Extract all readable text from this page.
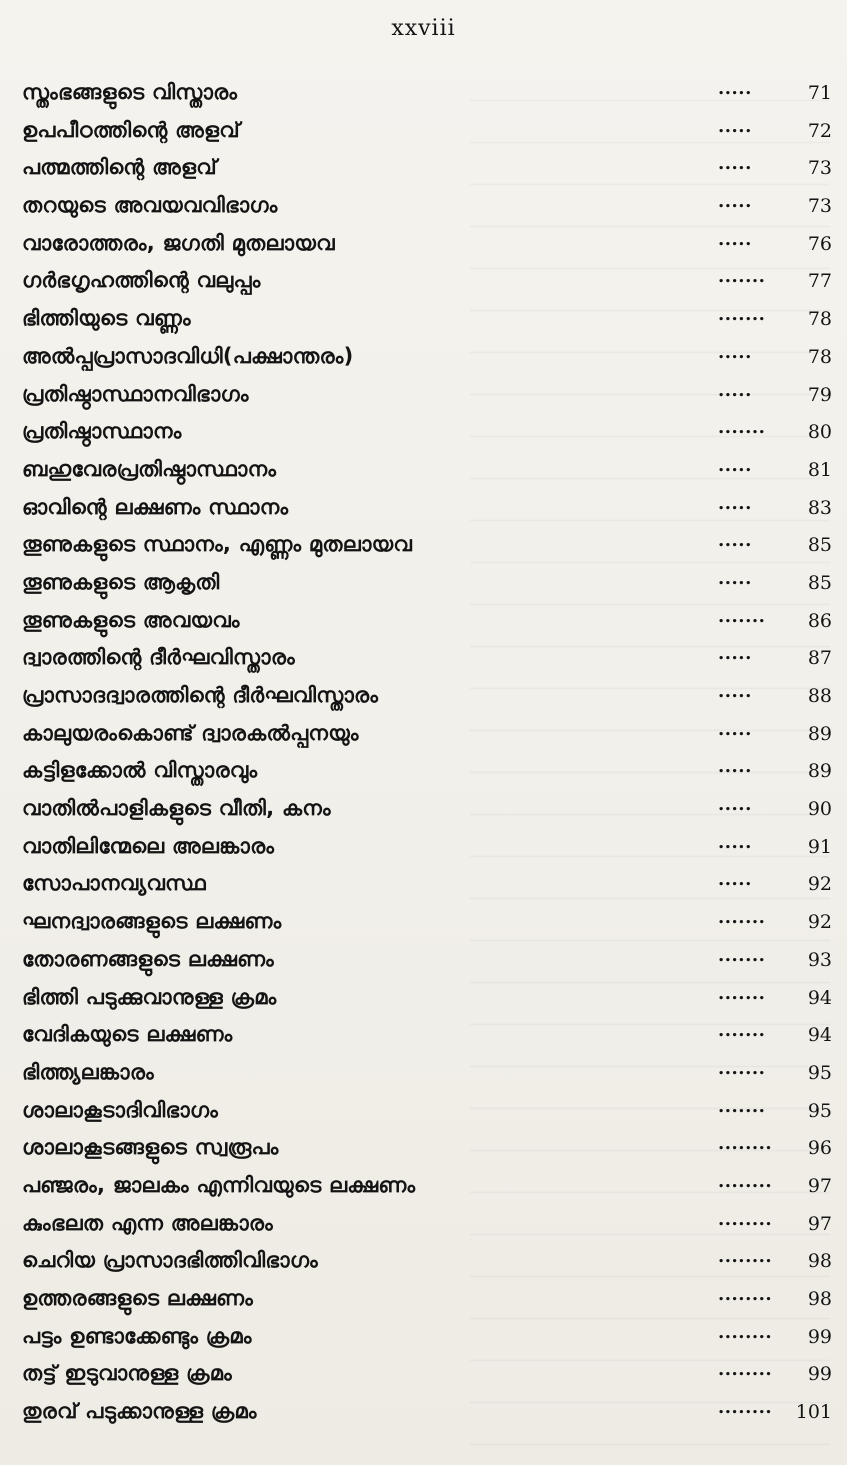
xxviii
സ്തംഭങ്ങളുടെ വിസ്താരം	.....	71
ഉപപീഠത്തിന്റെ അളവ്	.....	72
പത്മത്തിന്റെ അളവ്	.....	73
തറയുടെ അവയവവിഭാഗം	.....	73
വാരോത്തരം, ജഗതി മുതലായവ	.....	76
ഗർഭഗൃഹത്തിന്റെ വലുപ്പം	....... 77
ഭിത്തിയുടെ വണ്ണം	....... 78
അൽപ്പപ്രാസാദവിധി(പക്ഷാന്തരം)	.....	78
പ്രതിഷ്ഠാസ്ഥാനവിഭാഗം	.....	79
പ്രതിഷ്ഠാസ്ഥാനം	....... 80
ബഹുവേരപ്രതിഷ്ഠാസ്ഥാനം	.....	81
ഓവിന്റെ ലക്ഷണം സ്ഥാനം	.....	83
തൂണുകളുടെ സ്ഥാനം, എണ്ണം മുതലായവ	.....	85
തൂണുകളുടെ ആകൃതി	.....	85
തൂണുകളുടെ അവയവം	....... 86
ദ്വാരത്തിന്റെ ദീർഘവിസ്താരം	.....	87
പ്രാസാദദ്വാരത്തിന്റെ ദീർഘവിസ്താരം	.....	88
കാലുയരംകൊണ്ട് ദ്വാരകൽപ്പനയും	.....	89
കട്ടിളക്കോൽ വിസ്താരവും	.....	89
വാതിൽപാളികളുടെ വീതി, കനം	.....	90
വാതിലിന്മേലെ അലങ്കാരം	.....	91
സോപാനവ്യവസ്ഥ	.....	92
ഘനദ്വാരങ്ങളുടെ ലക്ഷണം	....... 92
തോരണങ്ങളുടെ ലക്ഷണം	....... 93
ഭിത്തി പടുക്കുവാനുള്ള ക്രമം	....... 94
വേദികയുടെ ലക്ഷണം	....... 94
ഭിത്ത്യലങ്കാരം	....... 95
ശാലാകൂടാദിവിഭാഗം	....... 95
ശാലാകൂടങ്ങളുടെ സ്വരൂപം	........ 96
പഞ്ജരം, ജാലകം എന്നിവയുടെ ലക്ഷണം	........ 97
കുംഭലത എന്ന അലങ്കാരം	........ 97
ചെറിയ പ്രാസാദഭിത്തിവിഭാഗം	........ 98
ഉത്തരങ്ങളുടെ ലക്ഷണം	........ 98
പട്ടം ഉണ്ടാക്കേണ്ടും ക്രമം	........ 99
തട്ട് ഇടുവാനുള്ള ക്രമം	........ 99
തുരവ് പടുക്കാനുള്ള ക്രമം	........ 101
